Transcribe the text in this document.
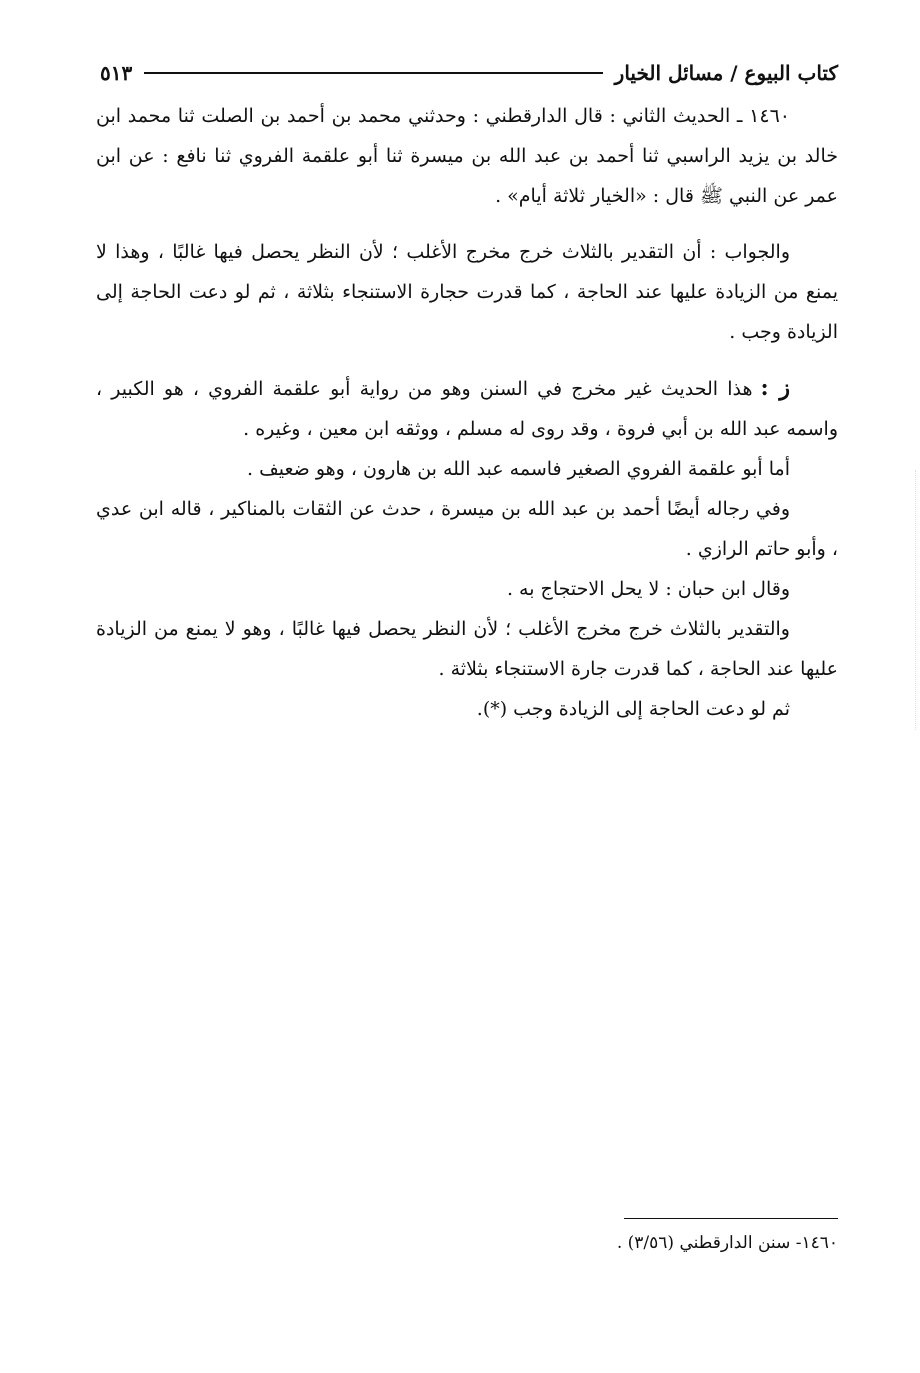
كتاب البيوع / مسائل الخيار
٥١٣

١٤٦٠ ـ الحديث الثاني : قال الدارقطني : وحدثني محمد بن أحمد بن الصلت ثنا محمد ابن خالد بن يزيد الراسبي ثنا أحمد بن عبد الله بن ميسرة ثنا أبو علقمة الفروي ثنا نافع : عن ابن عمر عن النبي ﷺ قال : «الخيار ثلاثة أيام» .

والجواب : أن التقدير بالثلاث خرج مخرج الأغلب ؛ لأن النظر يحصل فيها غالبًا ، وهذا لا يمنع من الزيادة عليها عند الحاجة ، كما قدرت حجارة الاستنجاء بثلاثة ، ثم لو دعت الحاجة إلى الزيادة وجب .

ز :هذا الحديث غير مخرج في السنن وهو من رواية أبو علقمة الفروي ، هو الكبير ، واسمه عبد الله بن أبي فروة ، وقد روى له مسلم ، ووثقه ابن معين ، وغيره .

أما أبو علقمة الفروي الصغير فاسمه عبد الله بن هارون ، وهو ضعيف .

وفي رجاله أيضًا أحمد بن عبد الله بن ميسرة ، حدث عن الثقات بالمناكير ، قاله ابن عدي ، وأبو حاتم الرازي .

وقال ابن حبان : لا يحل الاحتجاج به .

والتقدير بالثلاث خرج مخرج الأغلب ؛ لأن النظر يحصل فيها غالبًا ، وهو لا يمنع من الزيادة عليها عند الحاجة ، كما قدرت جارة الاستنجاء بثلاثة .

ثم لو دعت الحاجة إلى الزيادة وجب (*).

١٤٦٠- سنن الدارقطني (٣/٥٦) .
